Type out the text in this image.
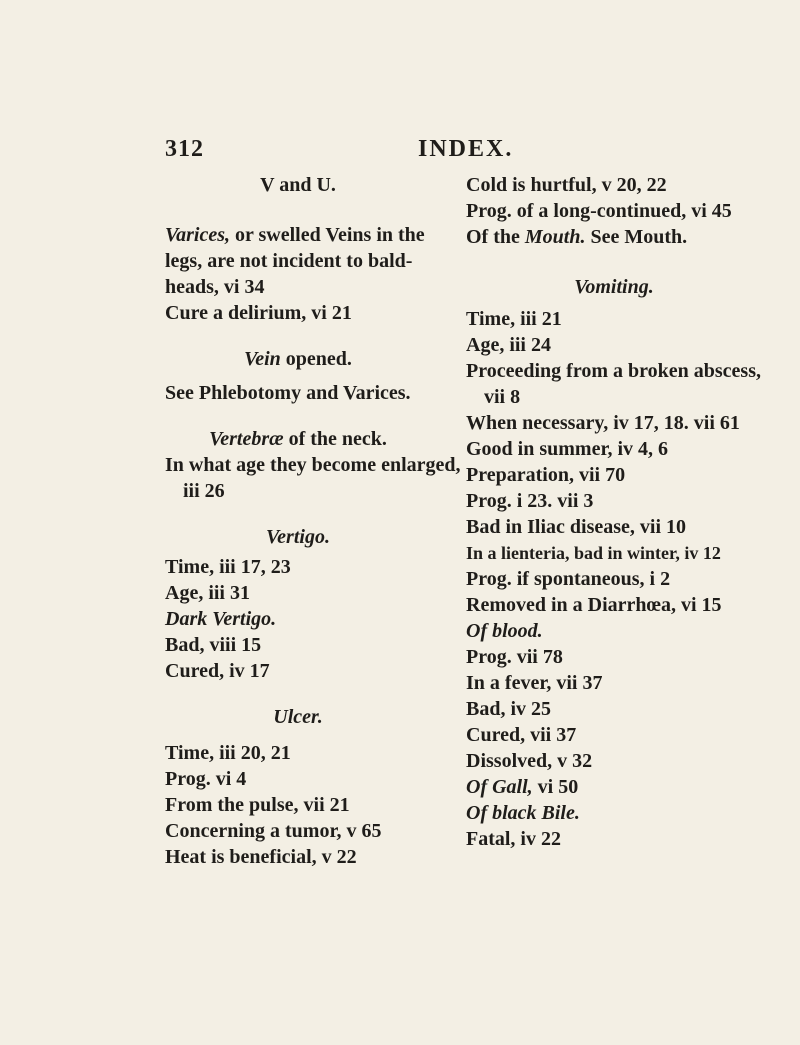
312	INDEX.
V and U.
Varices, or swelled Veins in the
legs, are not incident to bald-
heads, vi 34
Cure a delirium, vi 21
Vein opened.
See Phlebotomy and Varices.
Vertebræ of the neck.
In what age they become enlarged,
iii 26
Vertigo.
Time, iii 17, 23
Age, iii 31
Dark Vertigo.
Bad, viii 15
Cured, iv 17
Ulcer.
Time, iii 20, 21
Prog. vi 4
From the pulse, vii 21
Concerning a tumor, v 65
Heat is beneficial, v 22
Cold is hurtful, v 20, 22
Prog. of a long-continued, vi 45
Of the Mouth. See Mouth.
Vomiting.
Time, iii 21
Age, iii 24
Proceeding from a broken abscess,
vii 8
When necessary, iv 17, 18. vii 61
Good in summer, iv 4, 6
Preparation, vii 70
Prog. i 23. vii 3
Bad in Iliac disease, vii 10
In a lienteria, bad in winter, iv 12
Prog. if spontaneous, i 2
Removed in a Diarrhœa, vi 15
Of blood.
Prog. vii 78
In a fever, vii 37
Bad, iv 25
Cured, vii 37
Dissolved, v 32
Of Gall, vi 50
Of black Bile.
Fatal, iv 22
